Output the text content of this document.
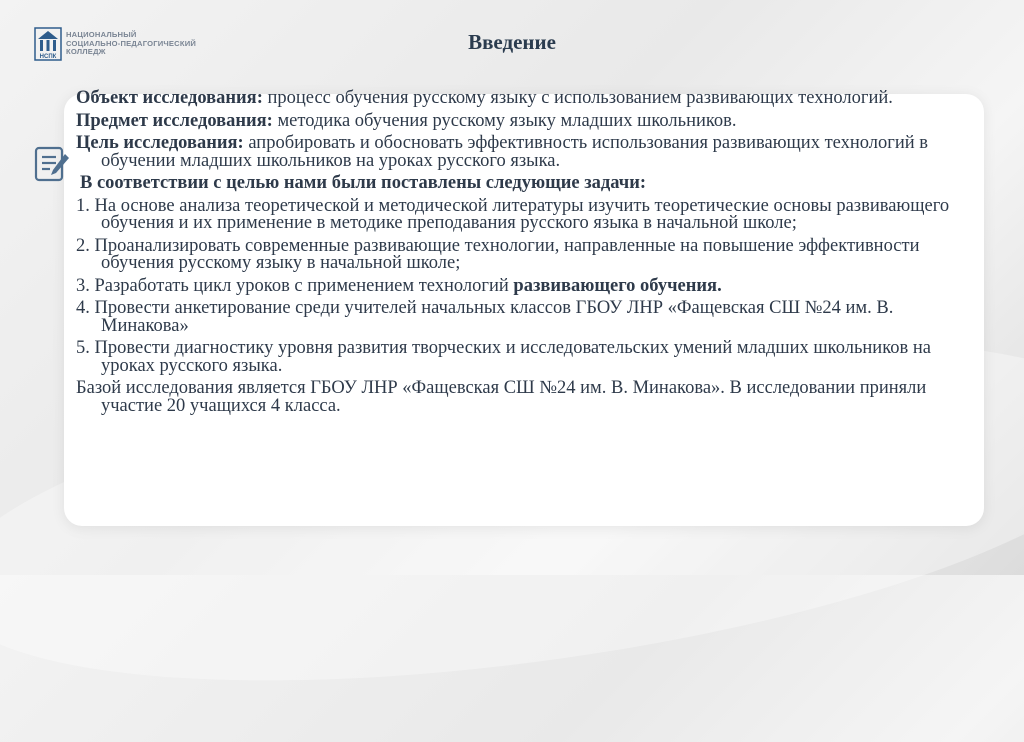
НСПК
НАЦИОНАЛЬНЫЙ
СОЦИАЛЬНО-ПЕДАГОГИЧЕСКИЙ
КОЛЛЕДЖ	Введение

Объект исследования: процесс обучения русскому языку с использованием развивающих технологий.

Предмет исследования: методика обучения русскому языку младших школьников.

Цель исследования: апробировать и обосновать эффективность использования развивающих технологий в обучении младших школьников на уроках русского языка.

В соответствии с целью нами были поставлены следующие задачи:

1. На основе анализа теоретической и методической литературы изучить теоретические основы развивающего обучения и их применение в методике преподавания русского языка в начальной школе;

2. Проанализировать современные развивающие технологии, направленные на повышение эффективности обучения русскому языку в начальной школе;

3. Разработать цикл уроков с применением технологий развивающего обучения.

4. Провести анкетирование среди учителей начальных классов ГБОУ ЛНР «Фащевская СШ №24 им. В. Минакова»

5. Провести диагностику уровня развития творческих и исследовательских умений младших школьников на уроках русского языка.

Базой исследования является ГБОУ ЛНР «Фащевская СШ №24 им. В. Минакова». В исследовании приняли участие 20 учащихся 4 класса.
